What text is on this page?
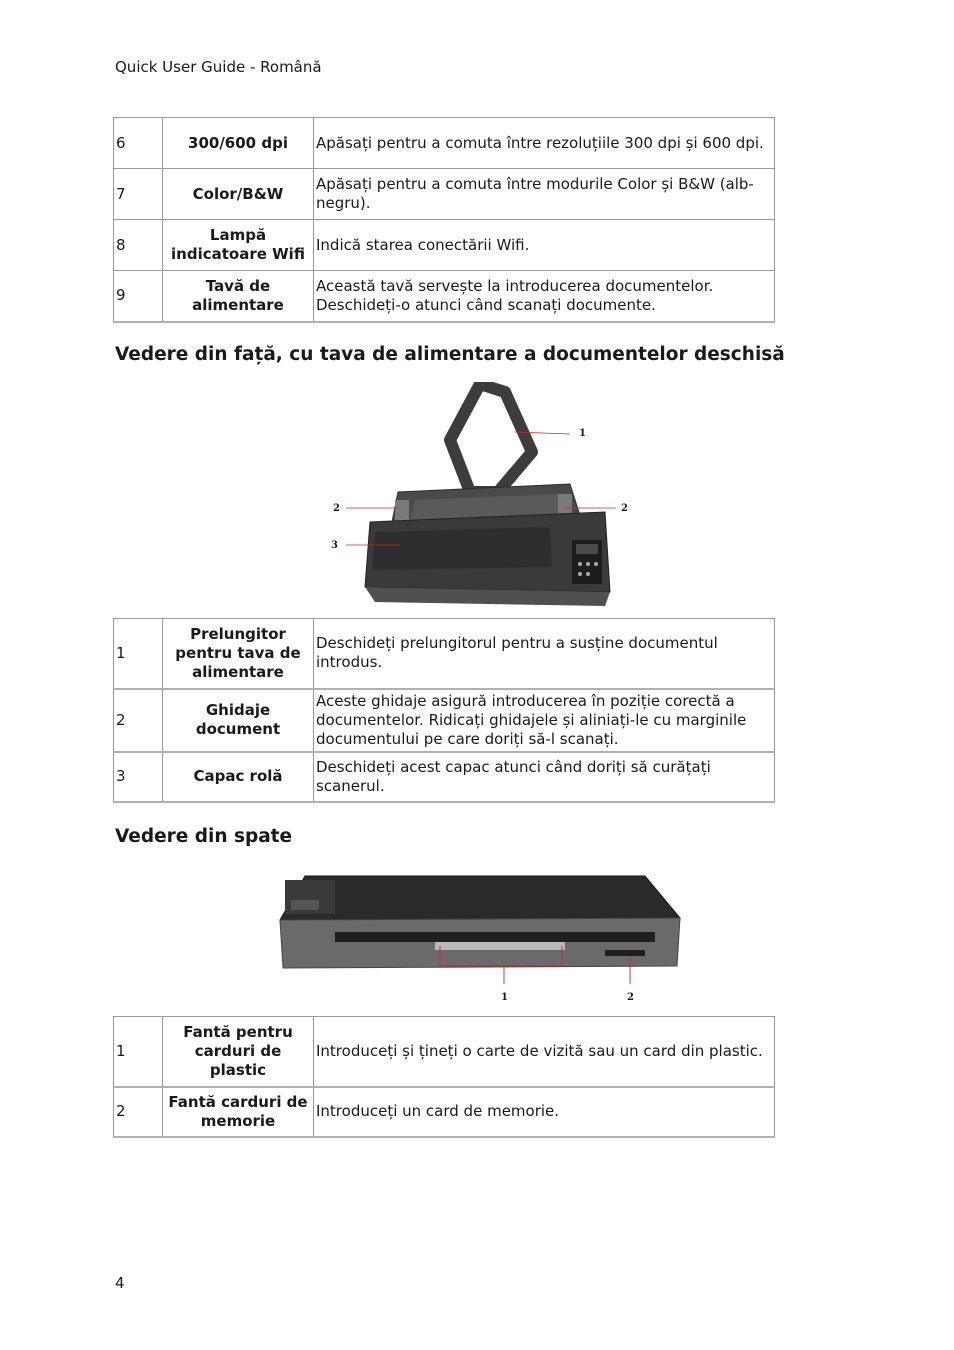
Quick User Guide - Română
6	300/600 dpi	Apăsați pentru a comuta între rezoluțiile 300 dpi și 600 dpi.
7	Color/B&W	Apăsați pentru a comuta între modurile Color și B&W (alb-negru).
8	Lampă indicatoare Wifi	Indică starea conectării Wifi.
9	Tavă de alimentare	Această tavă servește la introducerea documentelor. Deschideți-o atunci când scanați documente.
Vedere din față, cu tava de alimentare a documentelor deschisă
1
2	2
3
1	Prelungitor pentru tava de alimentare	Deschideți prelungitorul pentru a susține documentul introdus.
2	Ghidaje document	Aceste ghidaje asigură introducerea în poziție corectă a documentelor. Ridicați ghidajele și aliniați-le cu marginile documentului pe care doriți să-l scanați.
3	Capac rolă	Deschideți acest capac atunci când doriți să curățați scanerul.
Vedere din spate
1	2
1	Fantă pentru carduri de plastic	Introduceți și țineți o carte de vizită sau un card din plastic.
2	Fantă carduri de memorie	Introduceți un card de memorie.
4
